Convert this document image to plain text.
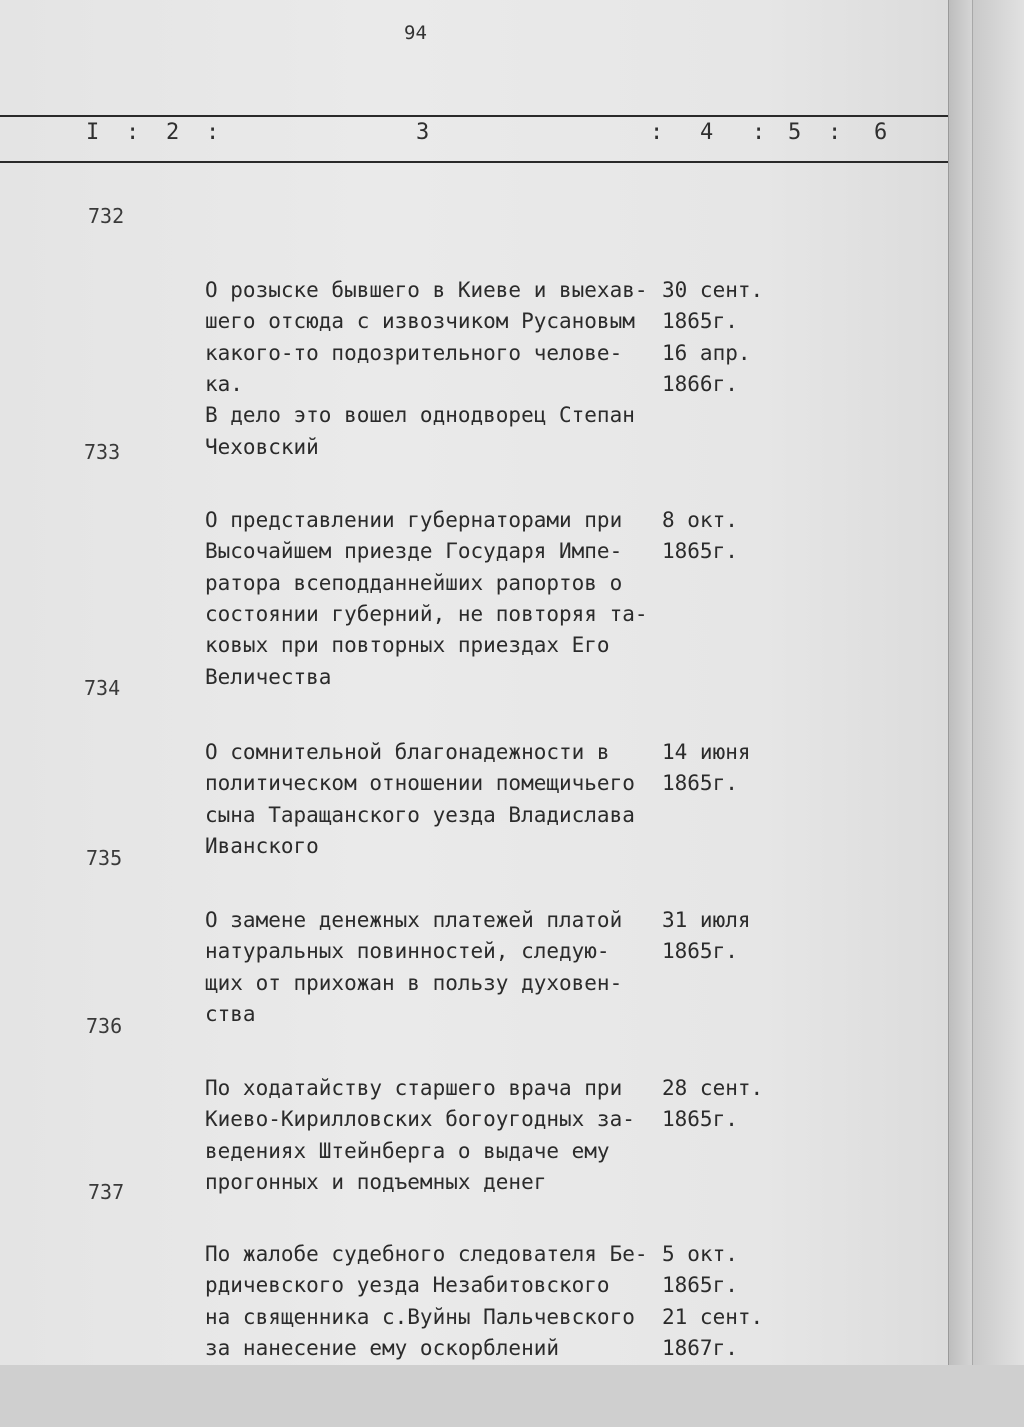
94
I : 2 :	3	: 4 : 5 : 6
732

О розыске бывшего в Киеве и выехав-
шего отсюда с извозчиком Русановым
какого-то подозрительного челове-
ка.
В дело это вошел однодворец Степан
Чеховский

30 сент.
1865г.
16 апр.
1866г.

733

О представлении губернаторами при
Высочайшем приезде Государя Импе-
ратора всеподданнейших рапортов о
состоянии губерний, не повторяя та-
ковых при повторных приездах Его
Величества

8 окт.
1865г.

734

О сомнительной благонадежности в
политическом отношении помещичьего
сына Таращанского уезда Владислава
Иванского

14 июня
1865г.

735

О замене денежных платежей платой
натуральных повинностей, следую-
щих от прихожан в пользу духовен-
ства

31 июля
1865г.

736

По ходатайству старшего врача при
Киево-Кирилловских богоугодных за-
ведениях Штейнберга о выдаче ему
прогонных и подъемных денег

28 сент.
1865г.

737

По жалобе судебного следователя Бе-
рдичевского уезда Незабитовского
на священника с.Вуйны Пальчевского
за нанесение ему оскорблений

5 окт.
1865г.
21 сент.
1867г.
